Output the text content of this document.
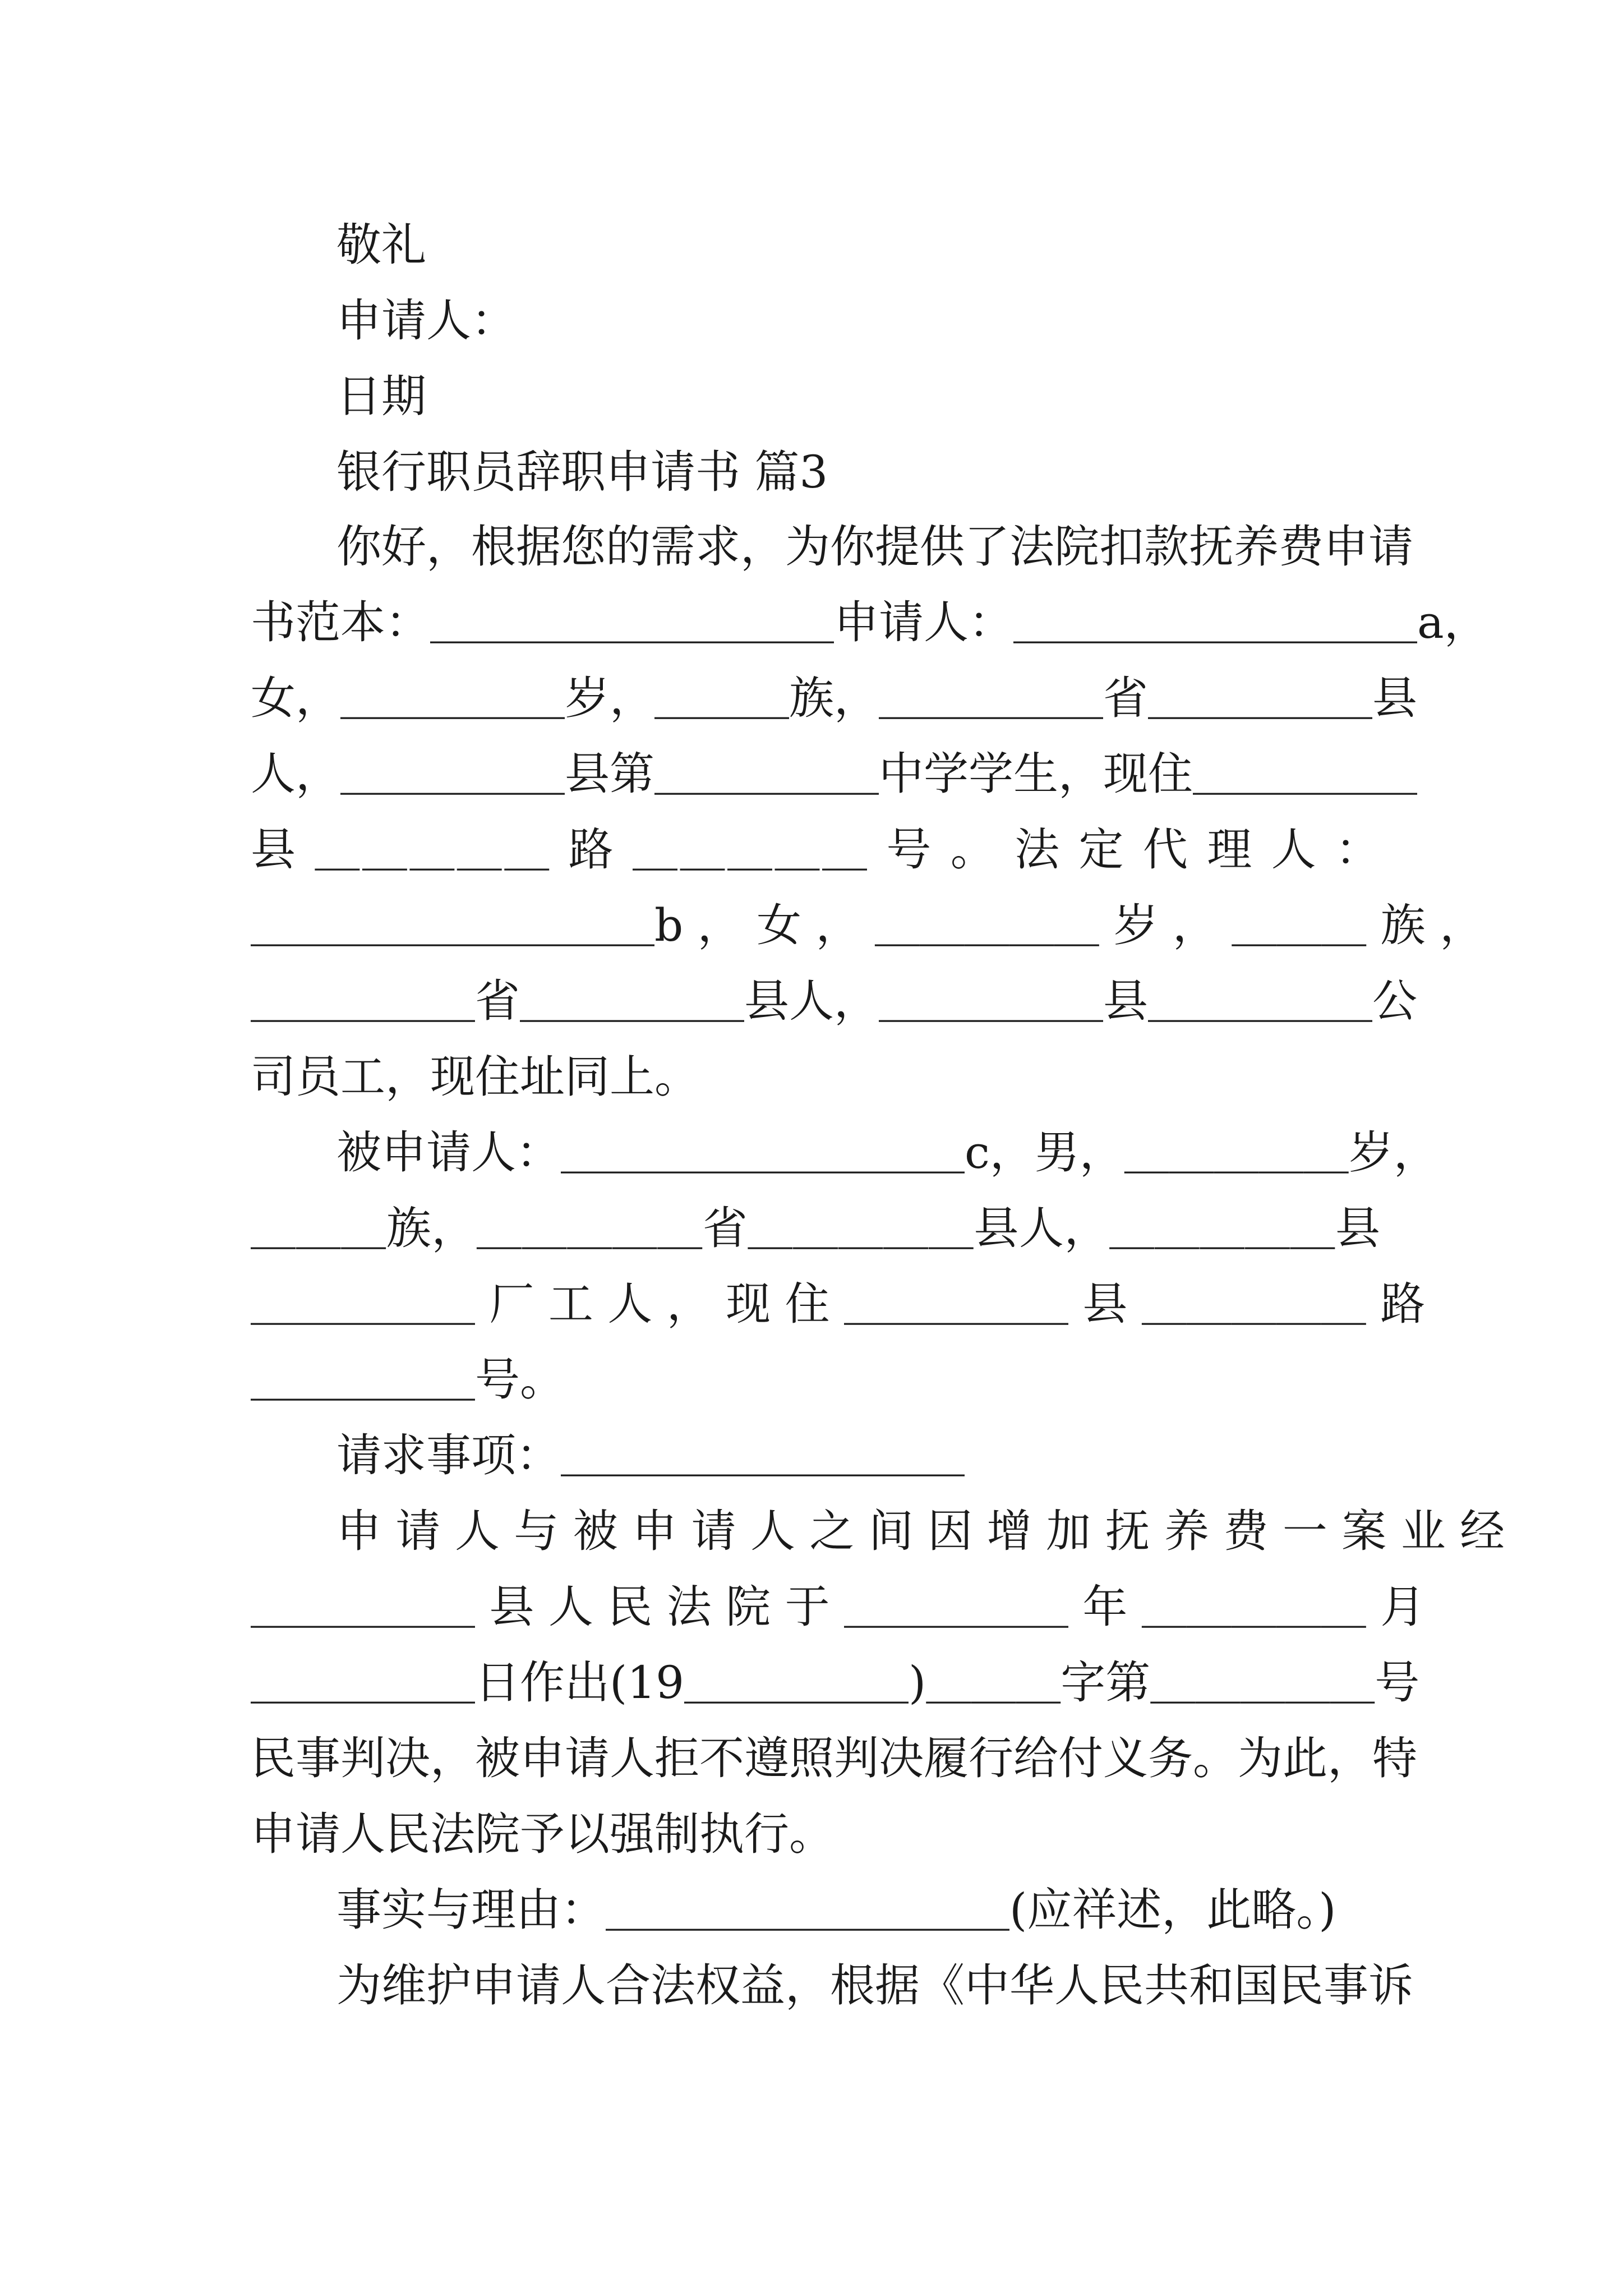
敬礼
申请人：
日期
银行职员辞职申请书 篇3
你好，根据您的需求，为你提供了法院扣款抚养费申请
书范本：＿＿＿＿＿＿＿＿＿申请人：＿＿＿＿＿＿＿＿＿a，
女，＿＿＿＿＿岁，＿＿＿族，＿＿＿＿＿省＿＿＿＿＿县
人，＿＿＿＿＿县第＿＿＿＿＿中学学生，现住＿＿＿＿＿
县 ＿＿＿＿＿ 路 ＿＿＿＿＿ 号 。 法 定 代 理 人 ：
＿＿＿＿＿＿＿＿＿b ， 女 ， ＿＿＿＿＿ 岁 ， ＿＿＿ 族 ，
＿＿＿＿＿省＿＿＿＿＿县人，＿＿＿＿＿县＿＿＿＿＿公
司员工，现住址同上。
被申请人：＿＿＿＿＿＿＿＿＿c，男，＿＿＿＿＿岁，
＿＿＿族，＿＿＿＿＿省＿＿＿＿＿县人，＿＿＿＿＿县
＿＿＿＿＿ 厂 工 人 ， 现 住 ＿＿＿＿＿ 县 ＿＿＿＿＿ 路
＿＿＿＿＿号。
请求事项：＿＿＿＿＿＿＿＿＿
申 请 人 与 被 申 请 人 之 间 因 增 加 抚 养 费 一 案 业 经
＿＿＿＿＿ 县 人 民 法 院 于 ＿＿＿＿＿ 年 ＿＿＿＿＿ 月
＿＿＿＿＿日作出(19＿＿＿＿＿)＿＿＿字第＿＿＿＿＿号
民事判决，被申请人拒不遵照判决履行给付义务。为此，特
申请人民法院予以强制执行。
事实与理由：＿＿＿＿＿＿＿＿＿(应祥述，此略。)
为维护申请人合法权益，根据《中华人民共和国民事诉
